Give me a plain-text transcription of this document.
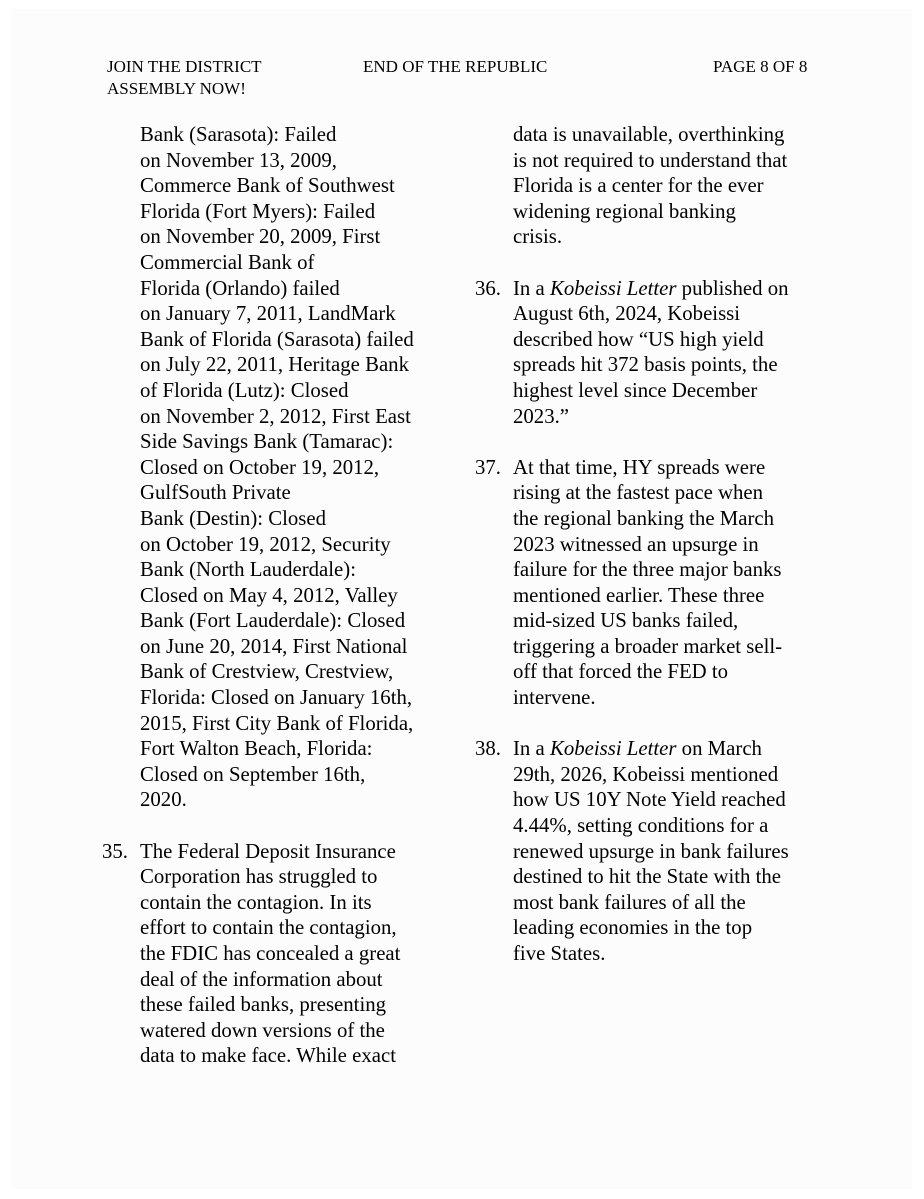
JOIN THE DISTRICT
ASSEMBLY NOW!
END OF THE REPUBLIC	PAGE 8 OF 8
Bank (Sarasota): Failed
on November 13, 2009,
Commerce Bank of Southwest
Florida (Fort Myers): Failed
on November 20, 2009, First
Commercial Bank of
Florida (Orlando) failed
on January 7, 2011, LandMark
Bank of Florida (Sarasota) failed
on July 22, 2011, Heritage Bank
of Florida (Lutz): Closed
on November 2, 2012, First East
Side Savings Bank (Tamarac):
Closed on October 19, 2012,
GulfSouth Private
Bank (Destin): Closed
on October 19, 2012, Security
Bank (North Lauderdale):
Closed on May 4, 2012, Valley
Bank (Fort Lauderdale): Closed
on June 20, 2014, First National
Bank of Crestview, Crestview,
Florida: Closed on January 16th,
2015, First City Bank of Florida,
Fort Walton Beach, Florida:
Closed on September 16th,
2020.
35. The Federal Deposit Insurance
Corporation has struggled to
contain the contagion. In its
effort to contain the contagion,
the FDIC has concealed a great
deal of the information about
these failed banks, presenting
watered down versions of the
data to make face. While exact
data is unavailable, overthinking
is not required to understand that
Florida is a center for the ever
widening regional banking
crisis.
36. In a Kobeissi Letter published on
August 6th, 2024, Kobeissi
described how “US high yield
spreads hit 372 basis points, the
highest level since December
2023.”
37. At that time, HY spreads were
rising at the fastest pace when
the regional banking the March
2023 witnessed an upsurge in
failure for the three major banks
mentioned earlier. These three
mid-sized US banks failed,
triggering a broader market sell-
off that forced the FED to
intervene.
38. In a Kobeissi Letter on March
29th, 2026, Kobeissi mentioned
how US 10Y Note Yield reached
4.44%, setting conditions for a
renewed upsurge in bank failures
destined to hit the State with the
most bank failures of all the
leading economies in the top
five States.
